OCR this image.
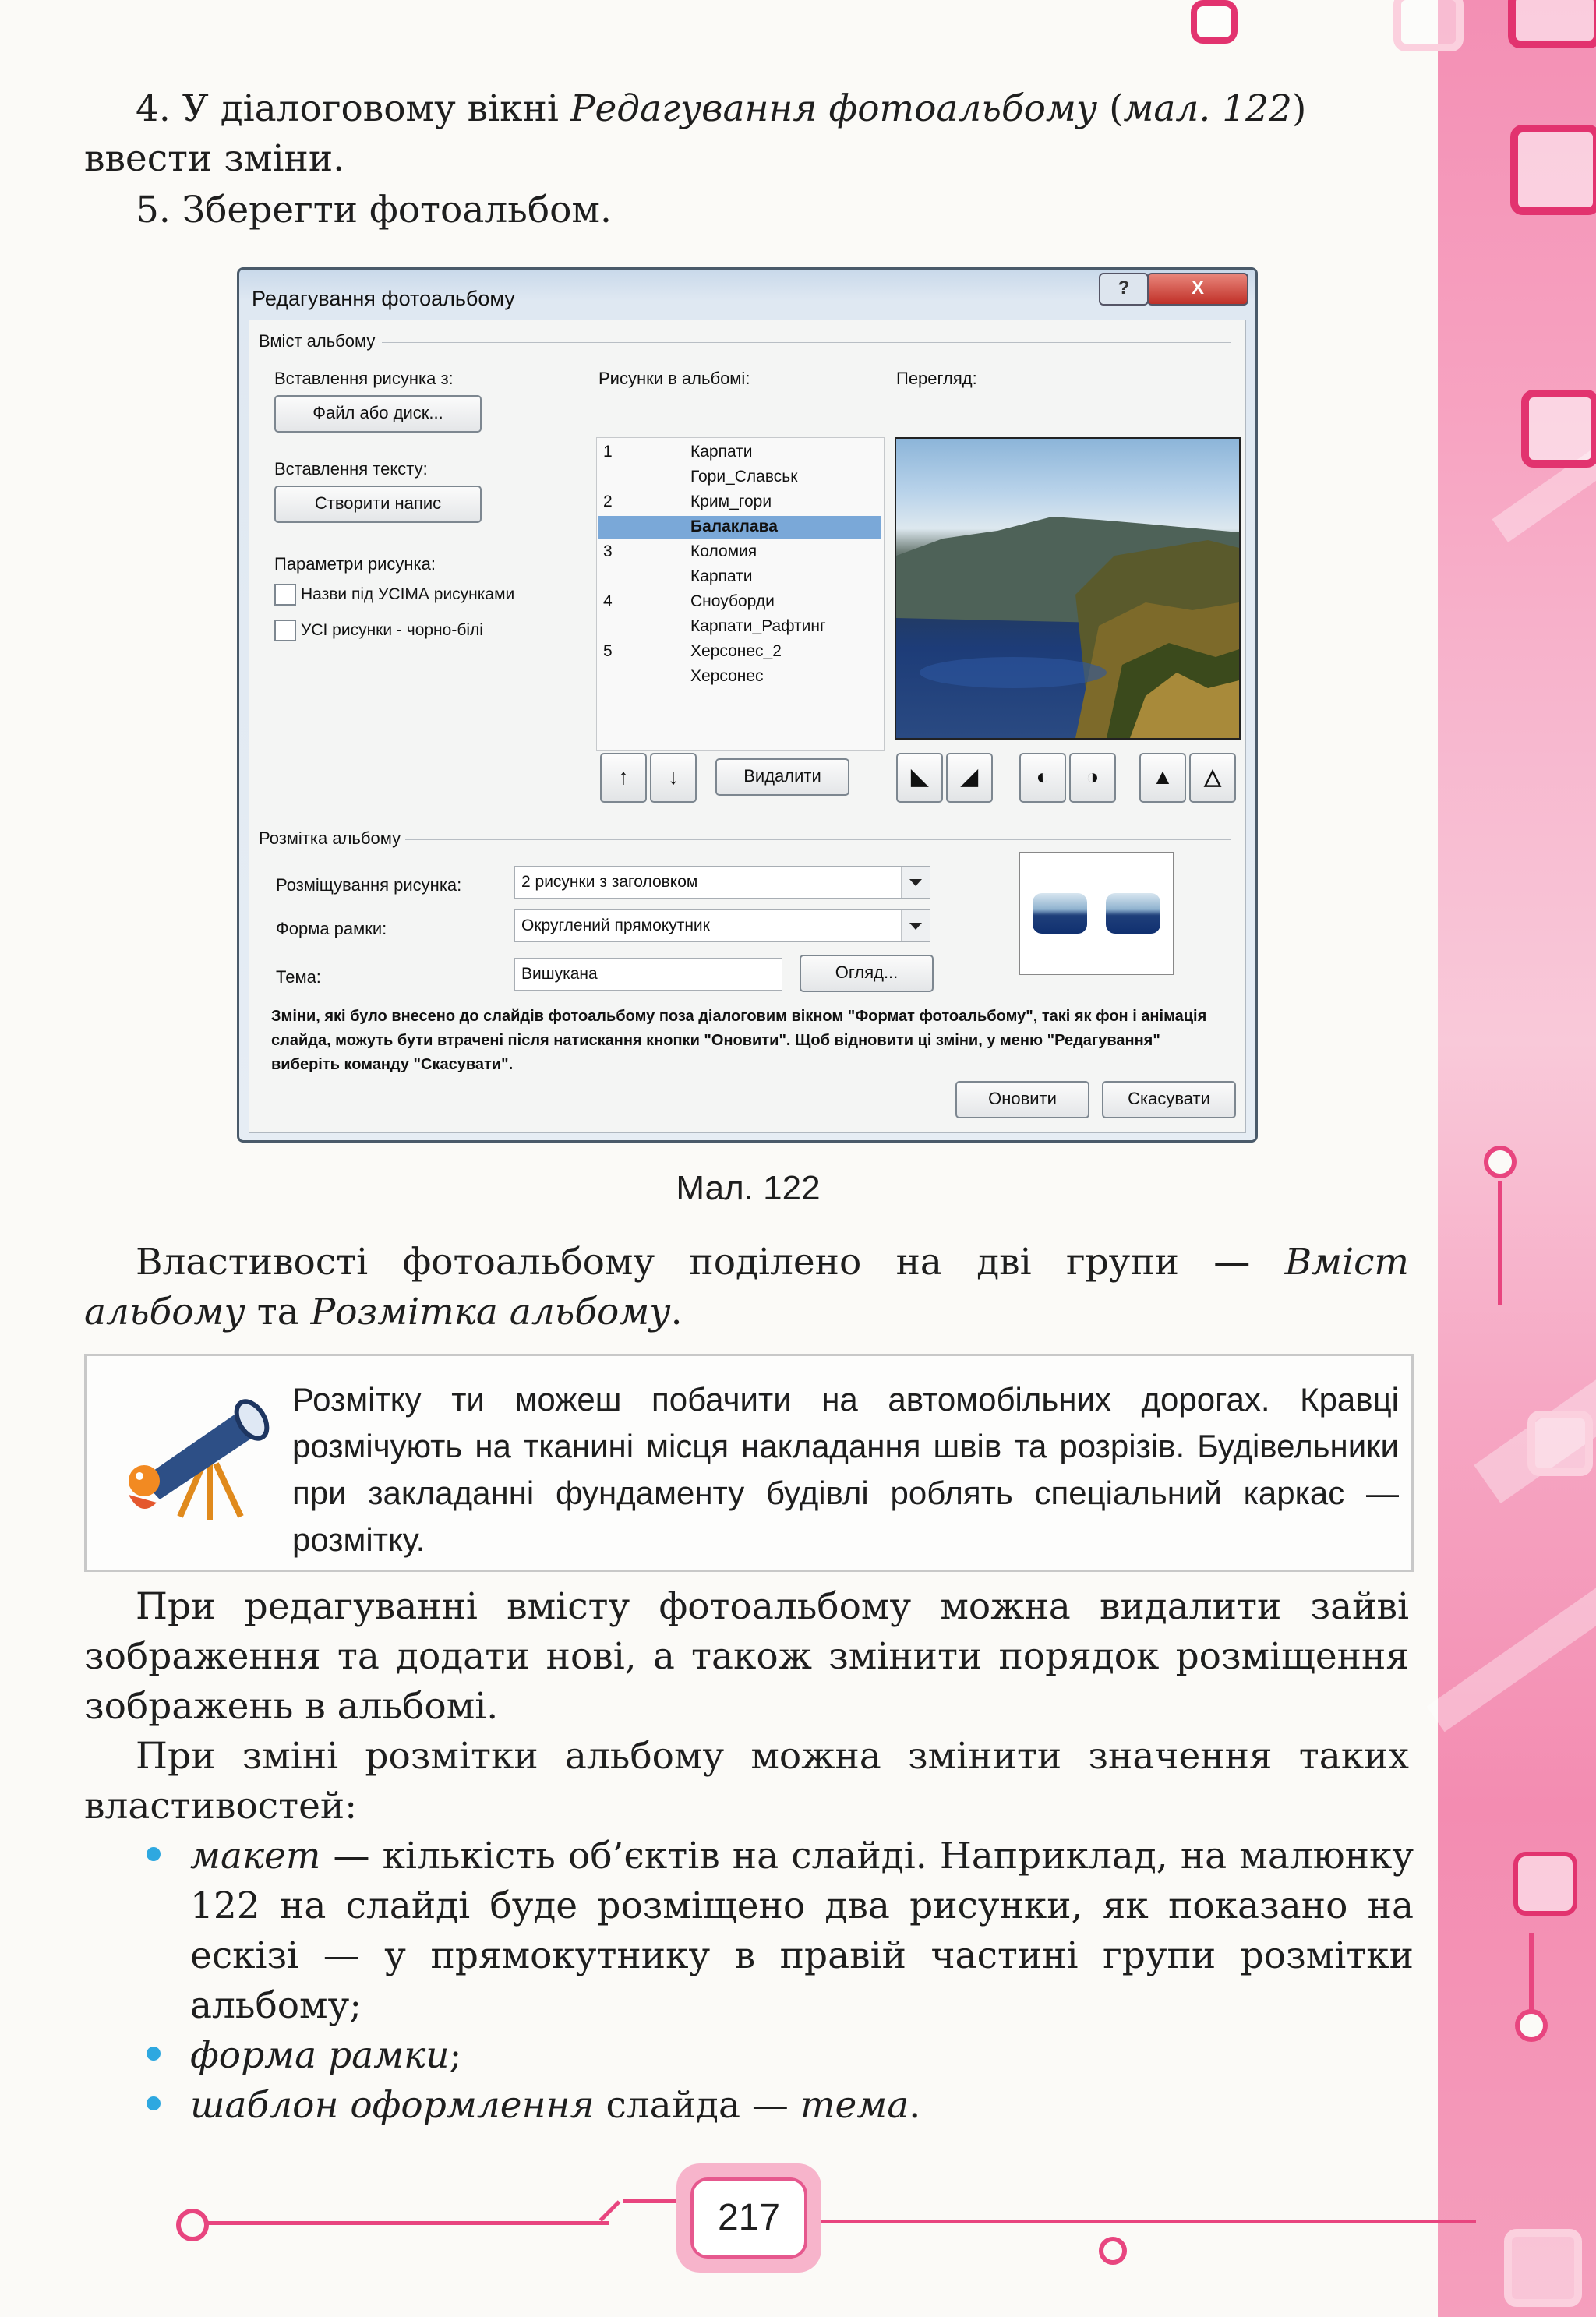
4. У діалоговому вікні Редагування фотоальбому (мал. 122)
ввести зміни.
5. Зберегти фотоальбом.
Редагування фотоальбому	?	X
Вміст альбому
Вставлення рисунка з:
Файл або диск...
Вставлення тексту:
Створити напис
Параметри рисунка:
Назви під УСІМА рисунками
УСІ рисунки - чорно-білі
Рисунки в альбомі:
1	Карпати
Гори_Славськ
2	Крим_гори
Балаклава
3	Коломия
Карпати
4	Сноуборди
Карпати_Рафтинг
5	Херсонес_2
Херсонес
Перегляд:
↑	↓	Видалити	◣	◢	◐	◑	▲	△
Розмітка альбому
Розміщування рисунка:	2 рисунки з заголовком
Форма рамки:	Округлений прямокутник
Тема:	Вишукана	Огляд...
Зміни, які було внесено до слайдів фотоальбому поза діалоговим вікном "Формат фотоальбому", такі як фон і анімація слайда, можуть бути втрачені після натискання кнопки "Оновити". Щоб відновити ці зміни, у меню "Редагування" виберіть команду "Скасувати".
Оновити	Скасувати
Мал. 122
Властивості фотоальбому поділено на дві групи — Вміст альбому та Розмітка альбому.
Розмітку ти можеш побачити на автомобільних дорогах. Кравці розмічують на тканині місця накладання швів та розрізів. Будівельники при закладанні фундаменту будівлі роблять спеціальний каркас — розмітку.
При редагуванні вмісту фотоальбому можна видалити зайві зображення та додати нові, а також змінити порядок розміщення зображень в альбомі.
При зміні розмітки альбому можна змінити значення таких властивостей:
макет — кількість об’єктів на слайді. Наприклад, на малюнку 122 на слайді буде розміщено два рисунки, як показано на ескізі — у прямокутнику в правій частині групи розмітки альбому;
форма рамки;
шаблон оформлення слайда — тема.
217
